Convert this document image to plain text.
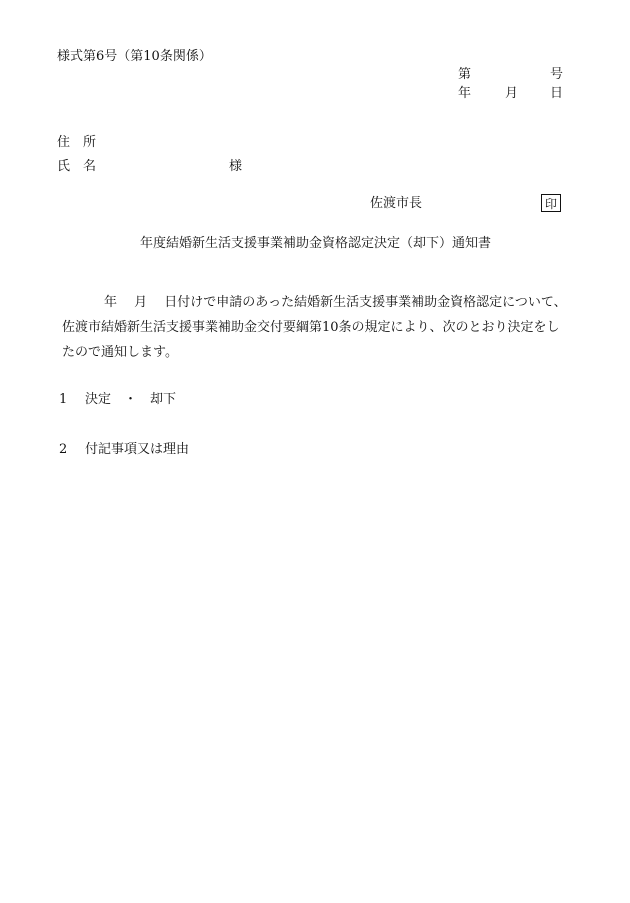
様式第6号（第10条関係）
第	号
年	月 日
住　所
氏　名	様
佐渡市長	印
年度結婚新生活支援事業補助金資格認定決定（却下）通知書
年　 月　 日付けで申請のあった結婚新生活支援事業補助金資格認定について、
佐渡市結婚新生活支援事業補助金交付要綱第10条の規定により、次のとおり決定をし
たので通知します。
1 決定　・　却下
2 付記事項又は理由
